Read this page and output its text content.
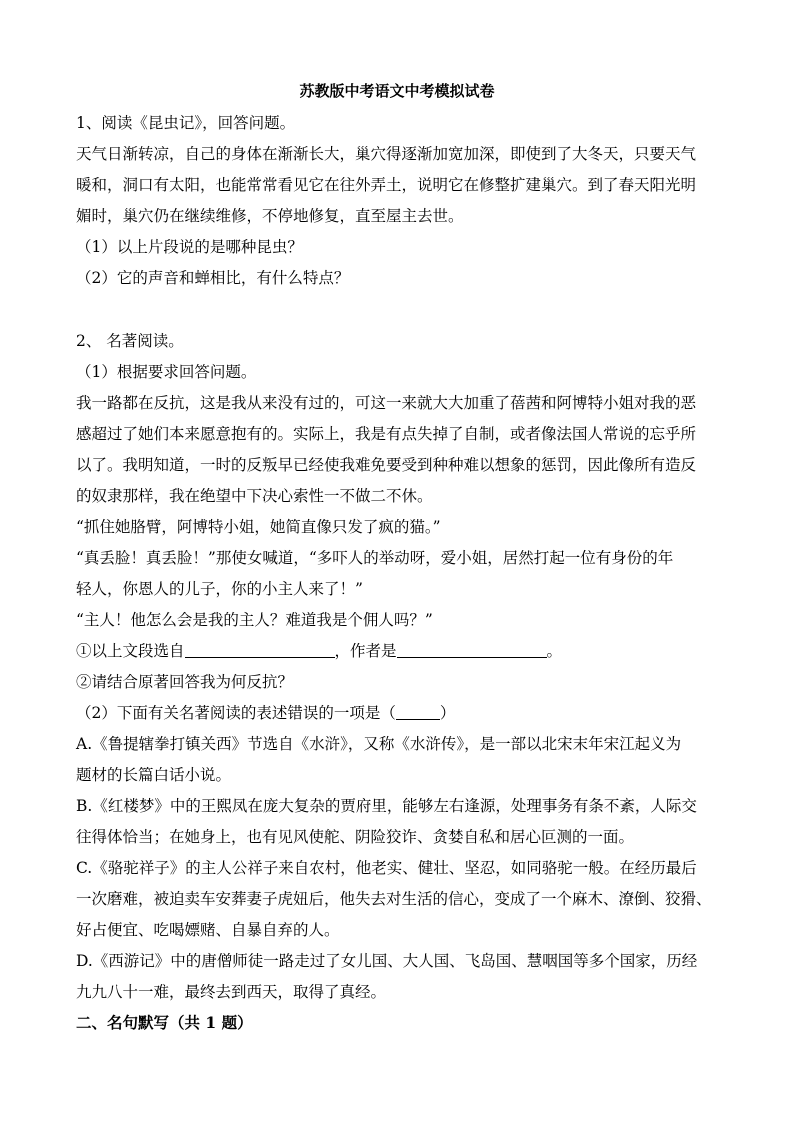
苏教版中考语文中考模拟试卷
1、阅读《昆虫记》，回答问题。
天气日渐转凉，自己的身体在渐渐长大，巢穴得逐渐加宽加深，即使到了大冬天，只要天气
暖和，洞口有太阳，也能常常看见它在往外弄土，说明它在修整扩建巢穴。到了春天阳光明
媚时，巢穴仍在继续维修，不停地修复，直至屋主去世。
（1）以上片段说的是哪种昆虫？
（2）它的声音和蝉相比，有什么特点？
2、 名著阅读。
（1）根据要求回答问题。
我一路都在反抗，这是我从来没有过的，可这一来就大大加重了蓓茜和阿博特小姐对我的恶
感超过了她们本来愿意抱有的。实际上，我是有点失掉了自制，或者像法国人常说的忘乎所
以了。我明知道，一时的反叛早已经使我难免要受到种种难以想象的惩罚，因此像所有造反
的奴隶那样，我在绝望中下决心索性一不做二不休。
“抓住她胳臂，阿博特小姐，她简直像只发了疯的猫。”
“真丢脸！真丢脸！”那使女喊道，“多吓人的举动呀，爱小姐，居然打起一位有身份的年
轻人，你恩人的儿子，你的小主人来了！”
“主人！他怎么会是我的主人？难道我是个佣人吗？”
①以上文段选自	，作者是	。
②请结合原著回答我为何反抗？
（2）下面有关名著阅读的表述错误的一项是（	）
A.《鲁提辖拳打镇关西》节选自《水浒》，又称《水浒传》，是一部以北宋末年宋江起义为
题材的长篇白话小说。
B.《红楼梦》中的王熙凤在庞大复杂的贾府里，能够左右逢源，处理事务有条不紊，人际交
往得体恰当；在她身上，也有见风使舵、阴险狡诈、贪婪自私和居心叵测的一面。
C.《骆驼祥子》的主人公祥子来自农村，他老实、健壮、坚忍，如同骆驼一般。在经历最后
一次磨难，被迫卖车安葬妻子虎妞后，他失去对生活的信心，变成了一个麻木、潦倒、狡猾、
好占便宜、吃喝嫖赌、自暴自弃的人。
D.《西游记》中的唐僧师徒一路走过了女儿国、大人国、飞岛国、慧咽国等多个国家，历经
九九八十一难，最终去到西天，取得了真经。
二、名句默写（共 1 题）
